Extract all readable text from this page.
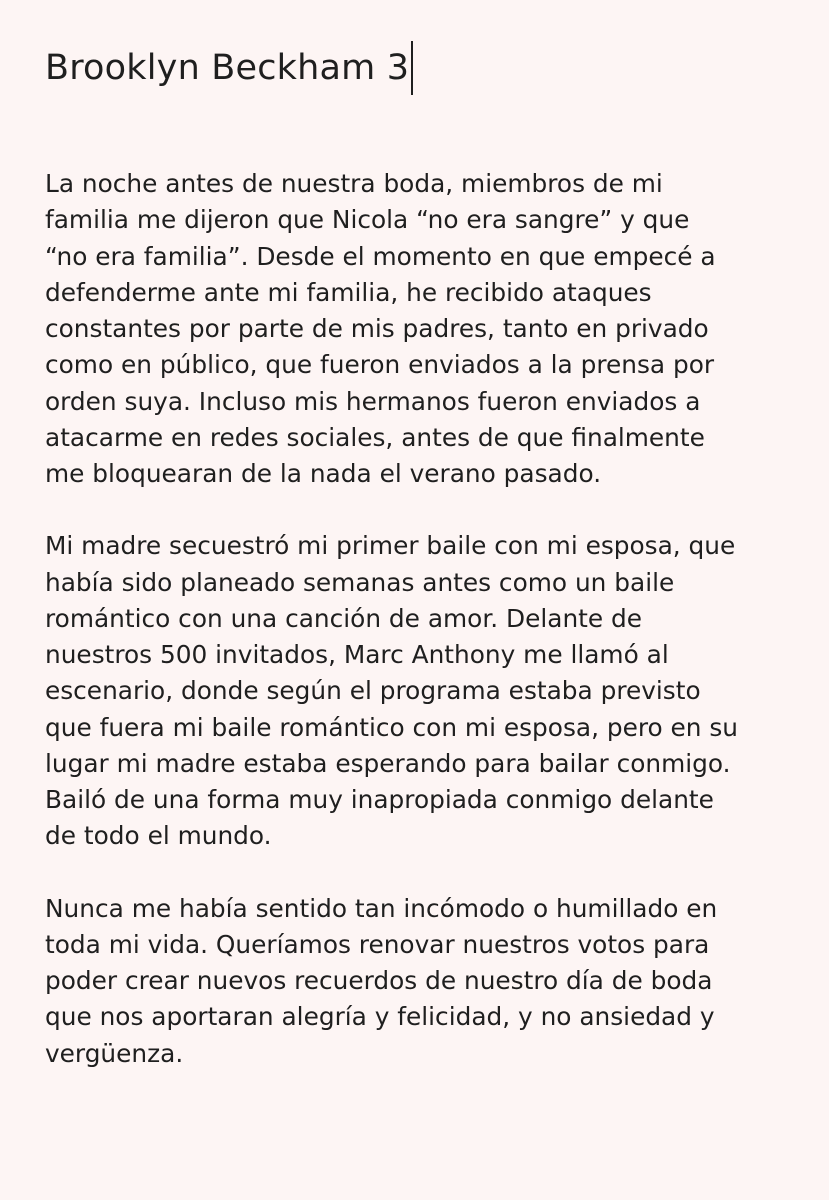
Brooklyn Beckham 3

La noche antes de nuestra boda, miembros de mi
familia me dijeron que Nicola “no era sangre” y que
“no era familia”. Desde el momento en que empecé a
defenderme ante mi familia, he recibido ataques
constantes por parte de mis padres, tanto en privado
como en público, que fueron enviados a la prensa por
orden suya. Incluso mis hermanos fueron enviados a
atacarme en redes sociales, antes de que finalmente
me bloquearan de la nada el verano pasado.

Mi madre secuestró mi primer baile con mi esposa, que
había sido planeado semanas antes como un baile
romántico con una canción de amor. Delante de
nuestros 500 invitados, Marc Anthony me llamó al
escenario, donde según el programa estaba previsto
que fuera mi baile romántico con mi esposa, pero en su
lugar mi madre estaba esperando para bailar conmigo.
Bailó de una forma muy inapropiada conmigo delante
de todo el mundo.

Nunca me había sentido tan incómodo o humillado en
toda mi vida. Queríamos renovar nuestros votos para
poder crear nuevos recuerdos de nuestro día de boda
que nos aportaran alegría y felicidad, y no ansiedad y
vergüenza.
